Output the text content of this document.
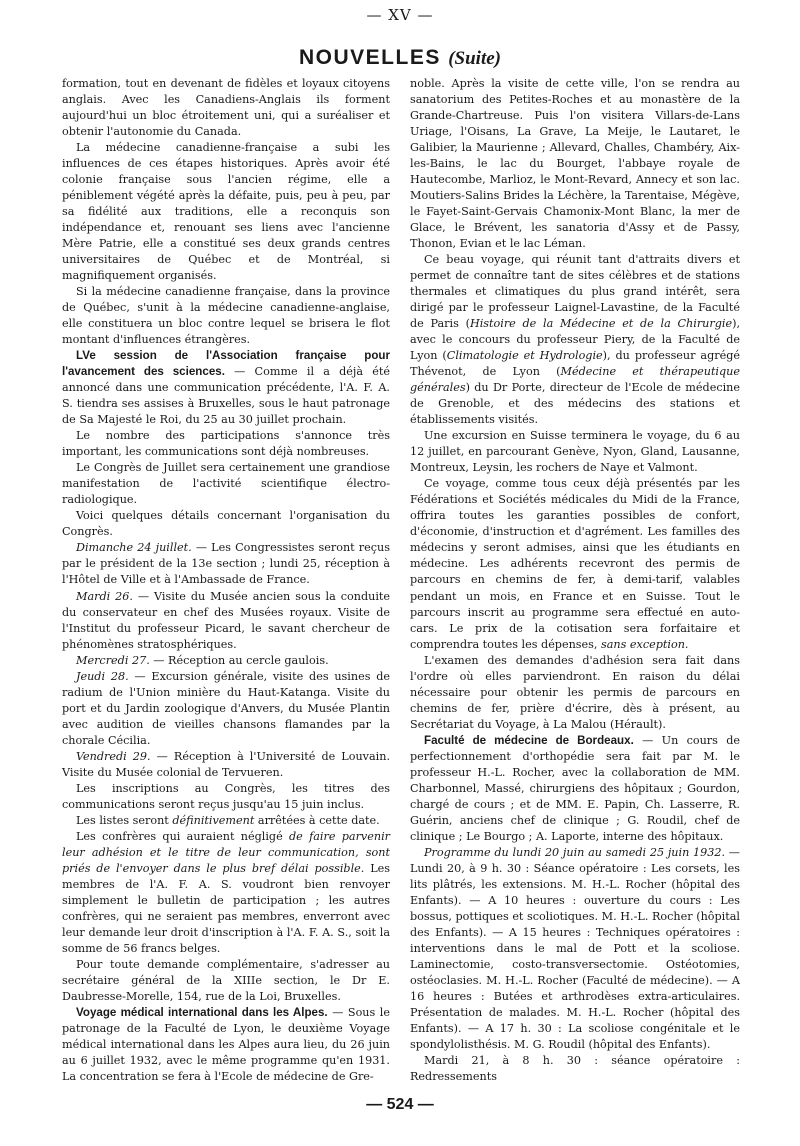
— XV —
NOUVELLES (Suite)

formation, tout en devenant de fidèles et loyaux citoyens anglais. Avec les Canadiens-Anglais ils forment aujourd'hui un bloc étroitement uni, qui a suréaliser et obtenir l'autonomie du Canada.

La médecine canadienne-française a subi les influences de ces étapes historiques. Après avoir été colonie française sous l'ancien régime, elle a péniblement végété après la défaite, puis, peu à peu, par sa fidélité aux traditions, elle a reconquis son indépendance et, renouant ses liens avec l'ancienne Mère Patrie, elle a constitué ses deux grands centres universitaires de Québec et de Montréal, si magnifiquement organisés.

Si la médecine canadienne française, dans la province de Québec, s'unit à la médecine canadienne-anglaise, elle constituera un bloc contre lequel se brisera le flot montant d'influences étrangères.

LVe session de l'Association française pour l'avancement des sciences. — Comme il a déjà été annoncé dans une communication précédente, l'A. F. A. S. tiendra ses assises à Bruxelles, sous le haut patronage de Sa Majesté le Roi, du 25 au 30 juillet prochain.

Le nombre des participations s'annonce très important, les communications sont déjà nombreuses.

Le Congrès de Juillet sera certainement une grandiose manifestation de l'activité scientifique électro-radiologique.

Voici quelques détails concernant l'organisation du Congrès.

Dimanche 24 juillet. — Les Congressistes seront reçus par le président de la 13e section ; lundi 25, réception à l'Hôtel de Ville et à l'Ambassade de France.

Mardi 26. — Visite du Musée ancien sous la conduite du conservateur en chef des Musées royaux. Visite de l'Institut du professeur Picard, le savant chercheur de phénomènes stratosphériques.

Mercredi 27. — Réception au cercle gaulois.

Jeudi 28. — Excursion générale, visite des usines de radium de l'Union minière du Haut-Katanga. Visite du port et du Jardin zoologique d'Anvers, du Musée Plantin avec audition de vieilles chansons flamandes par la chorale Cécilia.

Vendredi 29. — Réception à l'Université de Louvain. Visite du Musée colonial de Tervueren.

Les inscriptions au Congrès, les titres des communications seront reçus jusqu'au 15 juin inclus.

Les listes seront définitivement arrêtées à cette date.

Les confrères qui auraient négligé de faire parvenir leur adhésion et le titre de leur communication, sont priés de l'envoyer dans le plus bref délai possible. Les membres de l'A. F. A. S. voudront bien renvoyer simplement le bulletin de participation ; les autres confrères, qui ne seraient pas membres, enverront avec leur demande leur droit d'inscription à l'A. F. A. S., soit la somme de 56 francs belges.

Pour toute demande complémentaire, s'adresser au secrétaire général de la XIIIe section, le Dr E. Daubresse-Morelle, 154, rue de la Loi, Bruxelles.

Voyage médical international dans les Alpes. — Sous le patronage de la Faculté de Lyon, le deuxième Voyage médical international dans les Alpes aura lieu, du 26 juin au 6 juillet 1932, avec le même programme qu'en 1931. La concentration se fera à l'Ecole de médecine de Gre-

noble. Après la visite de cette ville, l'on se rendra au sanatorium des Petites-Roches et au monastère de la Grande-Chartreuse. Puis l'on visitera Villars-de-Lans Uriage, l'Oisans, La Grave, La Meije, le Lautaret, le Galibier, la Maurienne ; Allevard, Challes, Chambéry, Aix-les-Bains, le lac du Bourget, l'abbaye royale de Hautecombe, Marlioz, le Mont-Revard, Annecy et son lac. Moutiers-Salins Brides la Léchère, la Tarentaise, Mégève, le Fayet-Saint-Gervais Chamonix-Mont Blanc, la mer de Glace, le Brévent, les sanatoria d'Assy et de Passy, Thonon, Evian et le lac Léman.

Ce beau voyage, qui réunit tant d'attraits divers et permet de connaître tant de sites célèbres et de stations thermales et climatiques du plus grand intérêt, sera dirigé par le professeur Laignel-Lavastine, de la Faculté de Paris (Histoire de la Médecine et de la Chirurgie), avec le concours du professeur Piery, de la Faculté de Lyon (Climatologie et Hydrologie), du professeur agrégé Thévenot, de Lyon (Médecine et thérapeutique générales) du Dr Porte, directeur de l'Ecole de médecine de Grenoble, et des médecins des stations et établissements visités.

Une excursion en Suisse terminera le voyage, du 6 au 12 juillet, en parcourant Genève, Nyon, Gland, Lausanne, Montreux, Leysin, les rochers de Naye et Valmont.

Ce voyage, comme tous ceux déjà présentés par les Fédérations et Sociétés médicales du Midi de la France, offrira toutes les garanties possibles de confort, d'économie, d'instruction et d'agrément. Les familles des médecins y seront admises, ainsi que les étudiants en médecine. Les adhérents recevront des permis de parcours en chemins de fer, à demi-tarif, valables pendant un mois, en France et en Suisse. Tout le parcours inscrit au programme sera effectué en auto-cars. Le prix de la cotisation sera forfaitaire et comprendra toutes les dépenses, sans exception.

L'examen des demandes d'adhésion sera fait dans l'ordre où elles parviendront. En raison du délai nécessaire pour obtenir les permis de parcours en chemins de fer, prière d'écrire, dès à présent, au Secrétariat du Voyage, à La Malou (Hérault).

Faculté de médecine de Bordeaux. — Un cours de perfectionnement d'orthopédie sera fait par M. le professeur H.-L. Rocher, avec la collaboration de MM. Charbonnel, Massé, chirurgiens des hôpitaux ; Gourdon, chargé de cours ; et de MM. E. Papin, Ch. Lasserre, R. Guérin, anciens chef de clinique ; G. Roudil, chef de clinique ; Le Bourgo ; A. Laporte, interne des hôpitaux.

Programme du lundi 20 juin au samedi 25 juin 1932. — Lundi 20, à 9 h. 30 : Séance opératoire : Les corsets, les lits plâtrés, les extensions. M. H.-L. Rocher (hôpital des Enfants). — A 10 heures : ouverture du cours : Les bossus, pottiques et scoliotiques. M. H.-L. Rocher (hôpital des Enfants). — A 15 heures : Techniques opératoires : interventions dans le mal de Pott et la scoliose. Laminectomie, costo-transversectomie. Ostéotomies, ostéoclasies. M. H.-L. Rocher (Faculté de médecine). — A 16 heures : Butées et arthrodèses extra-articulaires. Présentation de malades. M. H.-L. Rocher (hôpital des Enfants). — A 17 h. 30 : La scoliose congénitale et le spondylolisthésis. M. G. Roudil (hôpital des Enfants).

Mardi 21, à 8 h. 30 : séance opératoire : Redressements

— 524 —
